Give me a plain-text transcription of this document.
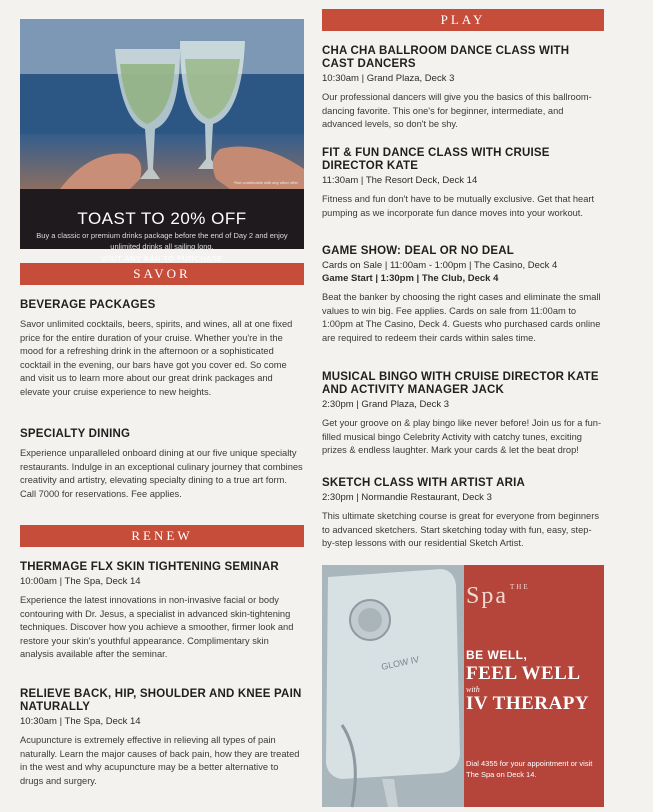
*Not combinable with any other offer
TOAST TO 20% OFF
Buy a classic or premium drinks package before the end of Day 2 and enjoy unlimited drinks all sailing long.
VISIT ANY BAR TO PURCHASE
SAVOR
BEVERAGE PACKAGES
Savor unlimited cocktails, beers, spirits, and wines, all at one fixed price for the entire duration of your cruise. Whether you're in the mood for a refreshing drink in the afternoon or a sophisticated cocktail in the evening, our bars have got you cover ed. So come and visit us to learn more about our great drink packages and elevate your cruise experience to new heights.
SPECIALTY DINING
Experience unparalleled onboard dining at our five unique specialty restaurants. Indulge in an exceptional culinary journey that combines creativity and artistry, elevating specialty dining to a true art form. Call 7000 for reservations. Fee applies.
RENEW
THERMAGE FLX SKIN TIGHTENING SEMINAR
10:00am | The Spa, Deck 14
Experience the latest innovations in non-invasive facial or body contouring with Dr. Jesus, a specialist in advanced skin-tightening techniques. Discover how you achieve a smoother, firmer look and restore your skin's youthful appearance. Complimentary skin analysis available after the seminar.
RELIEVE BACK, HIP, SHOULDER AND KNEE PAIN NATURALLY
10:30am | The Spa, Deck 14
Acupuncture is extremely effective in relieving all types of pain naturally. Learn the major causes of back pain, how they are treated in the west and why acupuncture may be a better alternative to drugs and surgery.
PLAY
CHA CHA BALLROOM DANCE CLASS WITH CAST DANCERS
10:30am | Grand Plaza, Deck 3
Our professional dancers will give you the basics of this ballroom-dancing favorite. This one's for beginner, intermediate, and advanced levels, so don't be shy.
FIT & FUN DANCE CLASS WITH CRUISE DIRECTOR KATE
11:30am | The Resort Deck, Deck 14
Fitness and fun don't have to be mutually exclusive. Get that heart pumping as we incorporate fun dance moves into your workout.
GAME SHOW: DEAL OR NO DEAL
Cards on Sale | 11:00am - 1:00pm | The Casino, Deck 4
Game Start | 1:30pm | The Club, Deck 4
Beat the banker by choosing the right cases and eliminate the small values to win big. Fee applies. Cards on sale from 11:00am to 1:00pm at The Casino, Deck 4. Guests who purchased cards online are required to redeem their cards within sales time.
MUSICAL BINGO WITH CRUISE DIRECTOR KATE AND ACTIVITY MANAGER JACK
2:30pm | Grand Plaza, Deck 3
Get your groove on & play bingo like never before! Join us for a fun-filled musical bingo Celebrity Activity with catchy tunes, exciting prizes & endless laughter. Mark your cards & let the beat drop!
SKETCH CLASS WITH ARTIST ARIA
2:30pm | Normandie Restaurant, Deck 3
This ultimate sketching course is great for everyone from beginners to advanced sketchers. Start sketching today with fun, easy, step-by-step lessons with our residential Sketch Artist.
GLOW IV
Spa $^{THE}$
BE WELL,
FEEL WELL
with
IV THERAPY
Dial 4355 for your appointment or visit The Spa on Deck 14.
